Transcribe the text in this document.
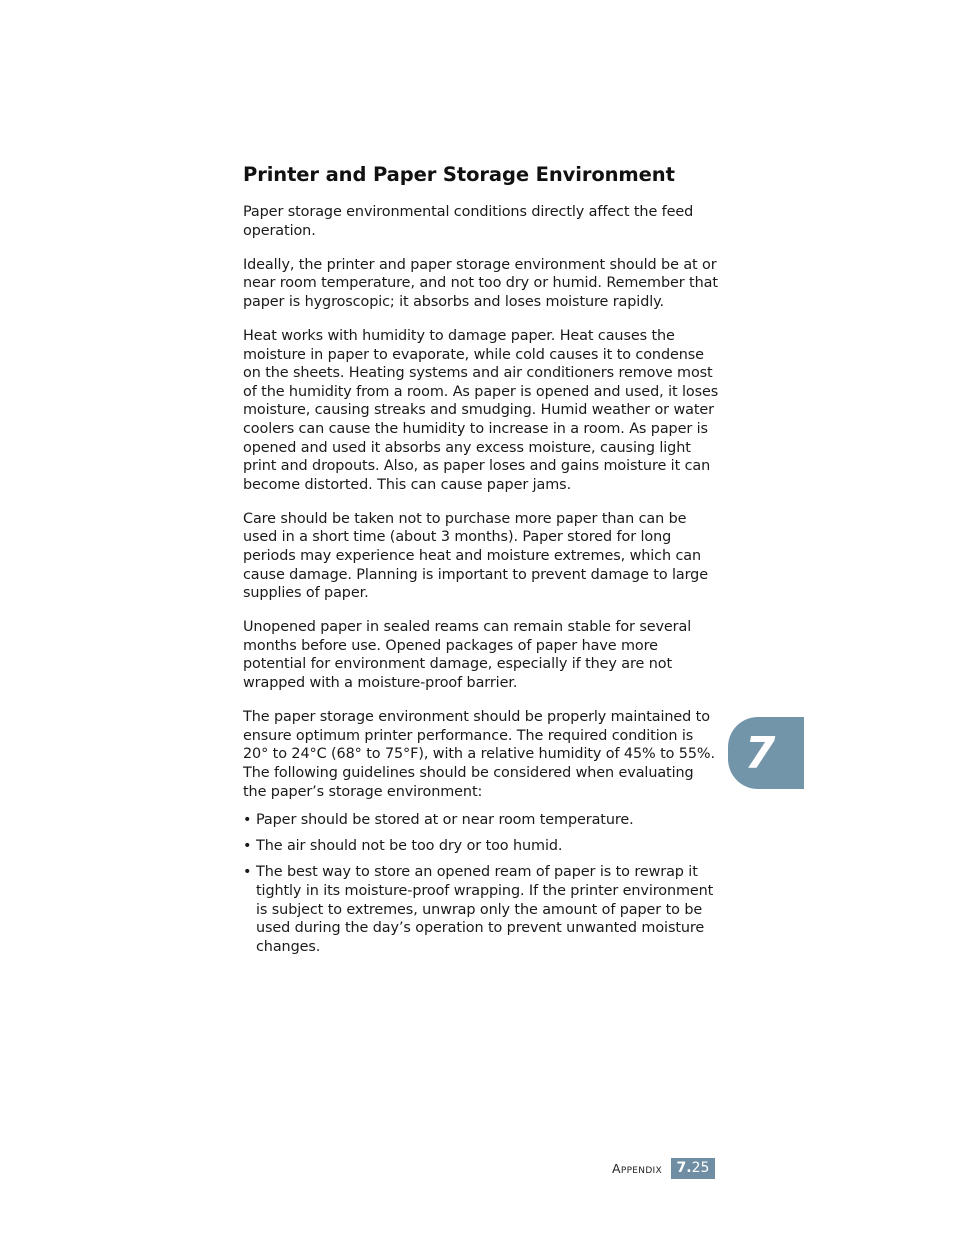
Printer and Paper Storage Environment

Paper storage environmental conditions directly affect the feed operation.

Ideally, the printer and paper storage environment should be at or near room temperature, and not too dry or humid. Remember that paper is hygroscopic; it absorbs and loses moisture rapidly.

Heat works with humidity to damage paper. Heat causes the moisture in paper to evaporate, while cold causes it to condense on the sheets. Heating systems and air conditioners remove most of the humidity from a room. As paper is opened and used, it loses moisture, causing streaks and smudging. Humid weather or water coolers can cause the humidity to increase in a room. As paper is opened and used it absorbs any excess moisture, causing light print and dropouts. Also, as paper loses and gains moisture it can become distorted. This can cause paper jams.

Care should be taken not to purchase more paper than can be used in a short time (about 3 months). Paper stored for long periods may experience heat and moisture extremes, which can cause damage. Planning is important to prevent damage to large supplies of paper.

Unopened paper in sealed reams can remain stable for several months before use. Opened packages of paper have more potential for environment damage, especially if they are not wrapped with a moisture-proof barrier.

The paper storage environment should be properly maintained to ensure optimum printer performance. The required condition is 20° to 24°C (68° to 75°F), with a relative humidity of 45% to 55%. The following guidelines should be considered when evaluating the paper’s storage environment:

• Paper should be stored at or near room temperature.
• The air should not be too dry or too humid.
• The best way to store an opened ream of paper is to rewrap it tightly in its moisture-proof wrapping. If the printer environment is subject to extremes, unwrap only the amount of paper to be used during the day’s operation to prevent unwanted moisture changes.
7
Appendix 7. 25
